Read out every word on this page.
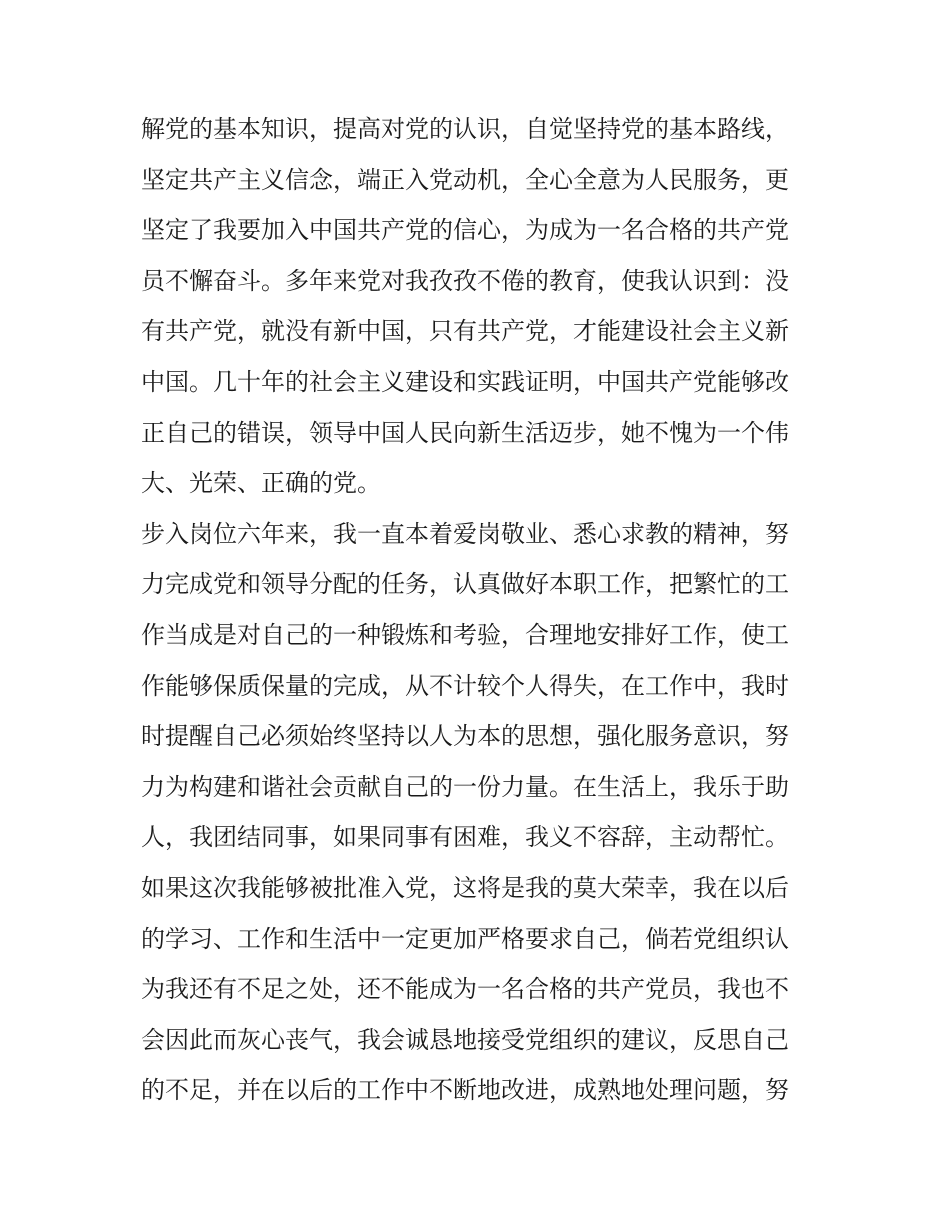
解党的基本知识，提高对党的认识，自觉坚持党的基本路线，
坚定共产主义信念，端正入党动机，全心全意为人民服务，更
坚定了我要加入中国共产党的信心，为成为一名合格的共产党
员不懈奋斗。多年来党对我孜孜不倦的教育，使我认识到：没
有共产党，就没有新中国，只有共产党，才能建设社会主义新
中国。几十年的社会主义建设和实践证明，中国共产党能够改
正自己的错误，领导中国人民向新生活迈步，她不愧为一个伟
大、光荣、正确的党。
步入岗位六年来，我一直本着爱岗敬业、悉心求教的精神，努
力完成党和领导分配的任务，认真做好本职工作，把繁忙的工
作当成是对自己的一种锻炼和考验，合理地安排好工作，使工
作能够保质保量的完成，从不计较个人得失，在工作中，我时
时提醒自己必须始终坚持以人为本的思想，强化服务意识，努
力为构建和谐社会贡献自己的一份力量。在生活上，我乐于助
人，我团结同事，如果同事有困难，我义不容辞，主动帮忙。
如果这次我能够被批准入党，这将是我的莫大荣幸，我在以后
的学习、工作和生活中一定更加严格要求自己，倘若党组织认
为我还有不足之处，还不能成为一名合格的共产党员，我也不
会因此而灰心丧气，我会诚恳地接受党组织的建议，反思自己
的不足，并在以后的工作中不断地改进，成熟地处理问题，努
